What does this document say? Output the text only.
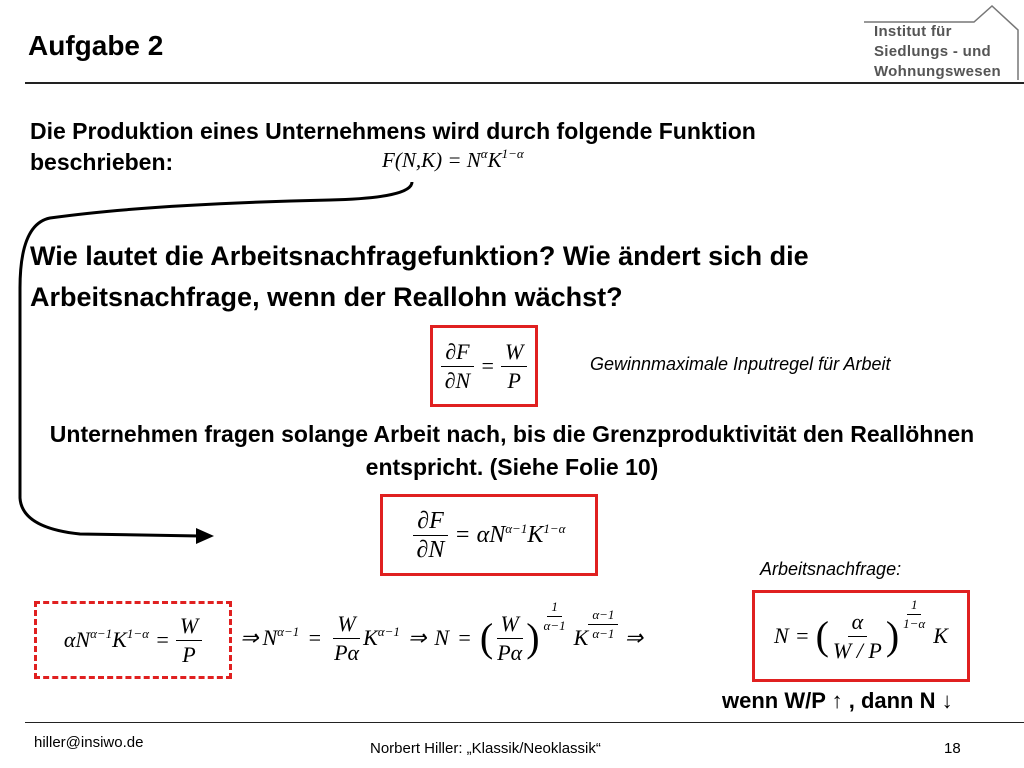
Aufgabe 2	Institut für
Siedlungs - und
Wohnungswesen
Die Produktion eines Unternehmens wird durch folgende Funktion beschrieben:	$F(N,K) = N^\alpha K^{1-\alpha}$
Wie lautet die Arbeitsnachfragefunktion? Wie ändert sich die Arbeitsnachfrage, wenn der Reallohn wächst?
$\frac{\partial F}{\partial N} = \frac{W}{P}$	Gewinnmaximale Inputregel für Arbeit
Unternehmen fragen solange Arbeit nach, bis die Grenzproduktivität den Reallöhnen entspricht. (Siehe Folie 10)
$\frac{\partial F}{\partial N} = \alpha N^{\alpha-1}K^{1-\alpha}$
Arbeitsnachfrage:
$\alpha N^{\alpha-1}K^{1-\alpha} = \frac{W}{P}$ ⇒ $N^{\alpha-1} = \frac{W}{P\alpha} K^{\alpha-1}$ ⇒ N = ( $\frac{W}{P\alpha}$ ) $\frac{1}{\alpha-1}$
K $\frac{\alpha-1}{\alpha-1}$ ⇒	N = ( $\frac{\alpha}{W / P}$ ) $\frac{1}{1-\alpha}$
K
wenn W/P ↑ , dann N ↓
hiller@insiwo.de	Norbert Hiller: „Klassik/Neoklassik“	18
